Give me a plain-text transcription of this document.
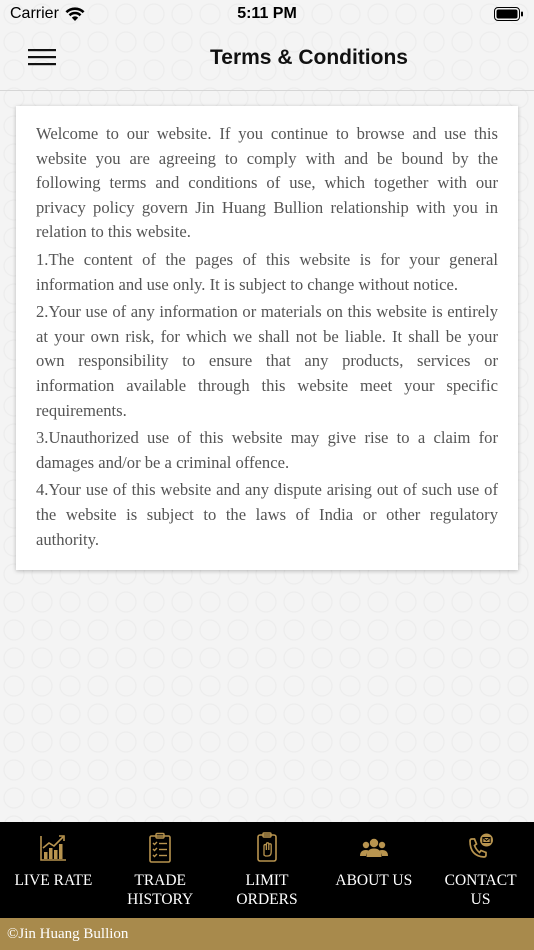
Carrier	5:11 PM
Terms & Conditions

Welcome to our website. If you continue to browse and use this website you are agreeing to comply with and be bound by the following terms and conditions of use, which together with our privacy policy govern Jin Huang Bullion relationship with you in relation to this website.

1.The content of the pages of this website is for your general information and use only. It is subject to change without notice.

2.Your use of any information or materials on this website is entirely at your own risk, for which we shall not be liable. It shall be your own responsibility to ensure that any products, services or information available through this website meet your specific requirements.

3.Unauthorized use of this website may give rise to a claim for damages and/or be a criminal offence.

4.Your use of this website and any dispute arising out of such use of the website is subject to the laws of India or other regulatory authority.

LIVE RATE	TRADE
HISTORY
LIMIT
ORDERS
ABOUT US CONTACT
US
©Jin Huang Bullion
